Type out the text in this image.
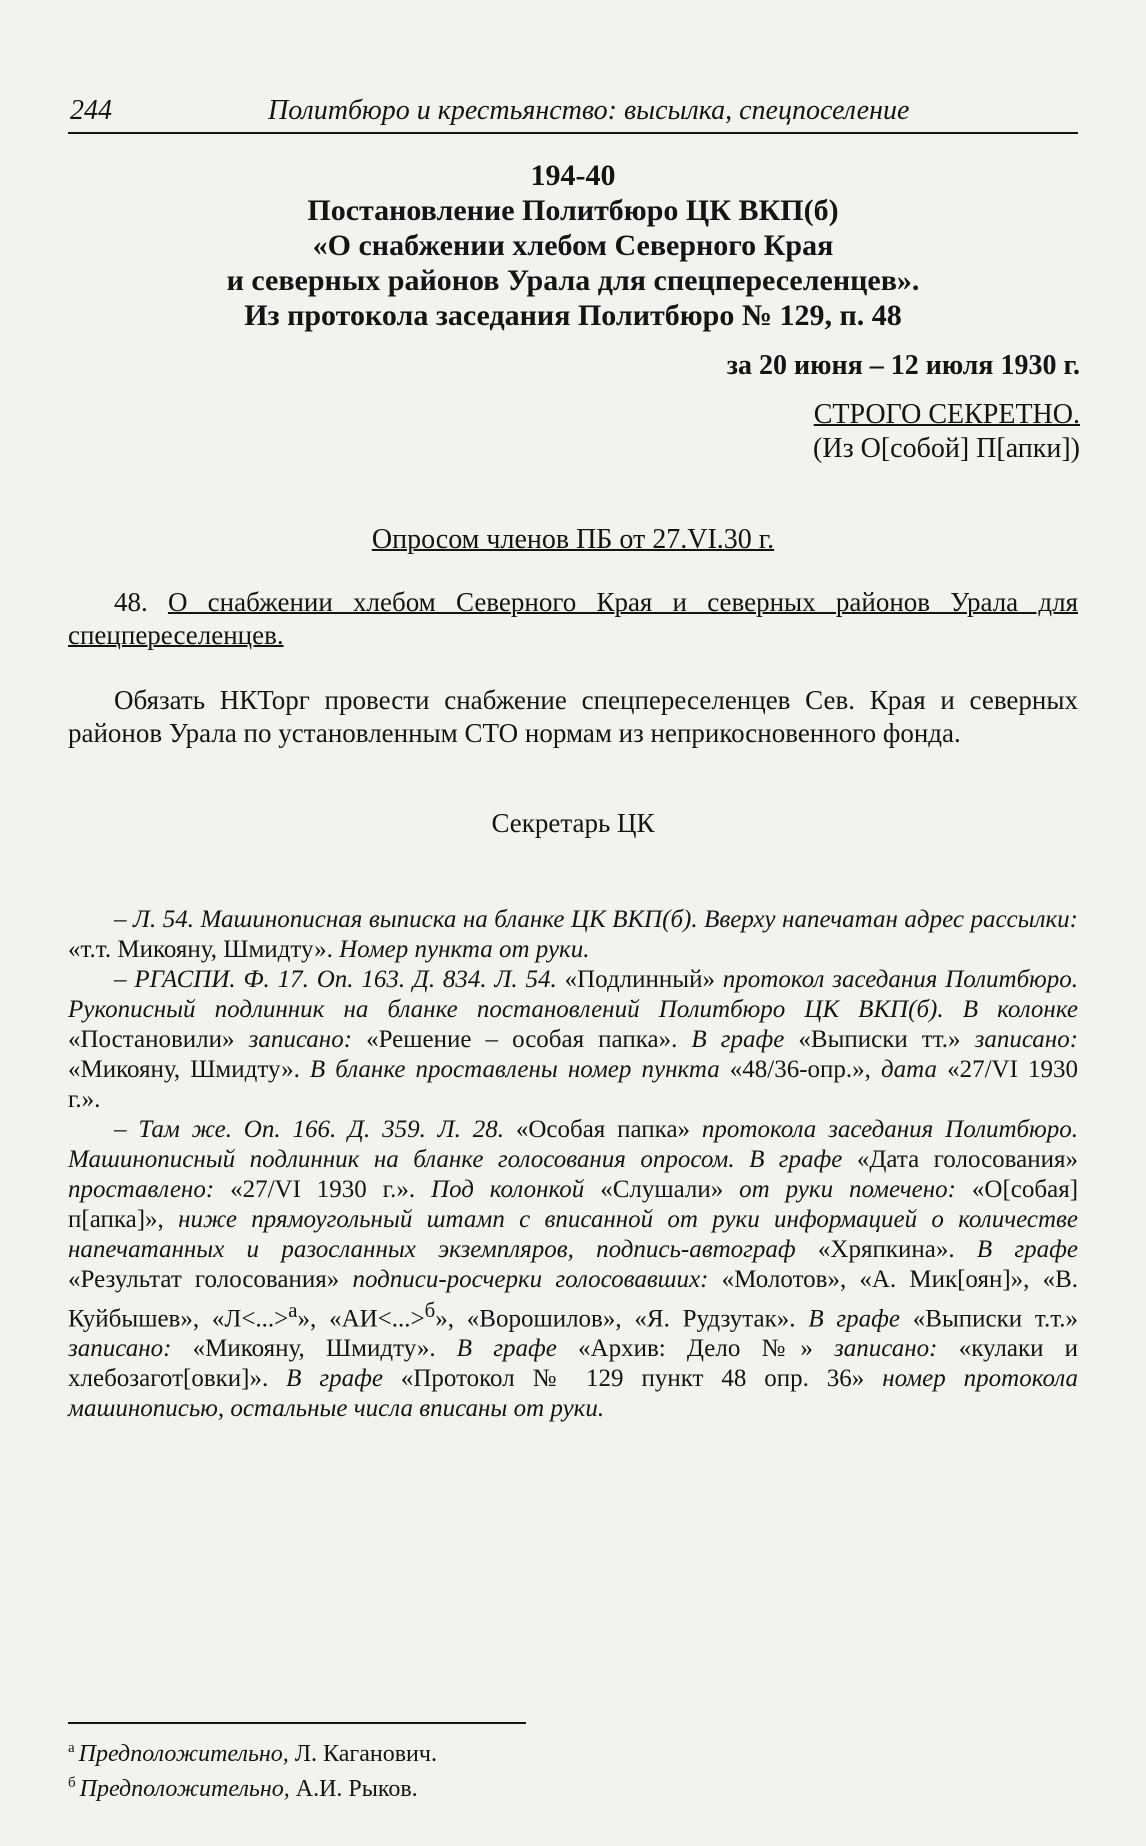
244	Политбюро и крестьянство: высылка, спецпоселение
194-40
Постановление Политбюро ЦК ВКП(б)
«О снабжении хлебом Северного Края
и северных районов Урала для спецпереселенцев».
Из протокола заседания Политбюро № 129, п. 48
за 20 июня – 12 июля 1930 г.
СТРОГО СЕКРЕТНО.
(Из О[собой] П[апки])
Опросом членов ПБ от 27.VI.30 г.
48. О снабжении хлебом Северного Края и северных районов Урала для спецпереселенцев.
Обязать НКТорг провести снабжение спецпереселенцев Сев. Края и северных районов Урала по установленным СТО нормам из неприкосновенного фонда.
Секретарь ЦК

– Л. 54. Машинописная выписка на бланке ЦК ВКП(б). Вверху напечатан адрес рассылки: «т.т. Микояну, Шмидту». Номер пункта от руки.

– РГАСПИ. Ф. 17. Оп. 163. Д. 834. Л. 54. «Подлинный» протокол заседания Политбюро. Рукописный подлинник на бланке постановлений Политбюро ЦК ВКП(б). В колонке «Постановили» записано: «Решение – особая папка». В графе «Выписки тт.» записано: «Микояну, Шмидту». В бланке проставлены номер пункта «48/36-опр.», дата «27/VI 1930 г.».

– Там же. Оп. 166. Д. 359. Л. 28. «Особая папка» протокола заседания Политбюро. Машинописный подлинник на бланке голосования опросом. В графе «Дата голосования» проставлено: «27/VI 1930 г.». Под колонкой «Слушали» от руки помечено: «О[собая] п[апка]», ниже прямоугольный штамп с вписанной от руки информацией о количестве напечатанных и разосланных экземпляров, подпись-автограф «Хряпкина». В графе «Результат голосования» подписи-росчерки голосовавших: «Молотов», «А. Мик[оян]», «В. Куйбышев», «Л<...>$^а$», «АИ<...>$^б$», «Ворошилов», «Я. Рудзутак». В графе «Выписки т.т.» записано: «Микояну, Шмидту». В графе «Архив: Дело №» записано: «кулаки и хлебозагот[овки]». В графе «Протокол № 129 пункт 48 опр. 36» номер протокола машинописью, остальные числа вписаны от руки.

$^а$ Предположительно, Л. Каганович.
$^б$ Предположительно, А.И. Рыков.
